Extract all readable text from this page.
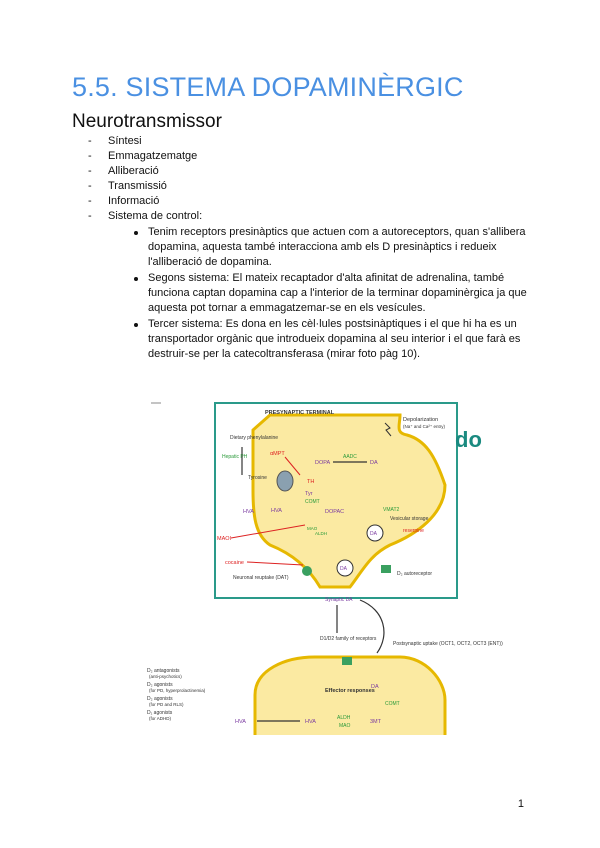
5.5. SISTEMA DOPAMINÈRGIC
Neurotransmissor
- Síntesi
- Emmagatzematge
- Alliberació
- Transmissió
- Informació
- Sistema de control:
Tenim receptors presinàptics que actuen com a autoreceptors, quan s'allibera dopamina, aquesta també interacciona amb els D presinàptics i redueix l'alliberació de dopamina.
Segons sistema: El mateix recaptador d'alta afinitat de adrenalina, també funciona captan dopamina cap a l'interior de la terminar dopaminèrgica ja que aquesta pot tornar a emmagatzemar-se en els vesícules.
Tercer sistema: Es dona en les cèl·lules postsinàptiques i el que hi ha es un transportador orgànic que introdueix dopamina al seu interior i el que farà es destruir-se per la catecoltransferasa (mirar foto pàg 10).
do
PRESYNAPTIC TERMINAL
Depolarization
(Na⁺ and Ca²⁺ entry)
Dietary phenylalanine
Hepatic PH
Tyrosine
αMPT
TH
Tyr
DOPA
AADC
DA
HVA	HVA
COMT
DOPAC
MAO
ALDH
VMAT2
Vesicular storage
reserpine
DA
MAOI
cocaine
Neuronal reuptake (DAT)
DA
D₂ autoreceptor
Synaptic DA
D1/D2 family of receptors
Postsynaptic uptake (OCT1, OCT2, OCT3 (ENT))
Effector responses
DA
COMT
3MT
ALDH
MAO
HVA
HVA
D₂ antagonists
(anti-psychotics)
D₂ agonists
(for PD, hyperprolactinemia)
D₂ agonists
(for PD and RLS)
D₁ agonists
(for ADHD)
1
